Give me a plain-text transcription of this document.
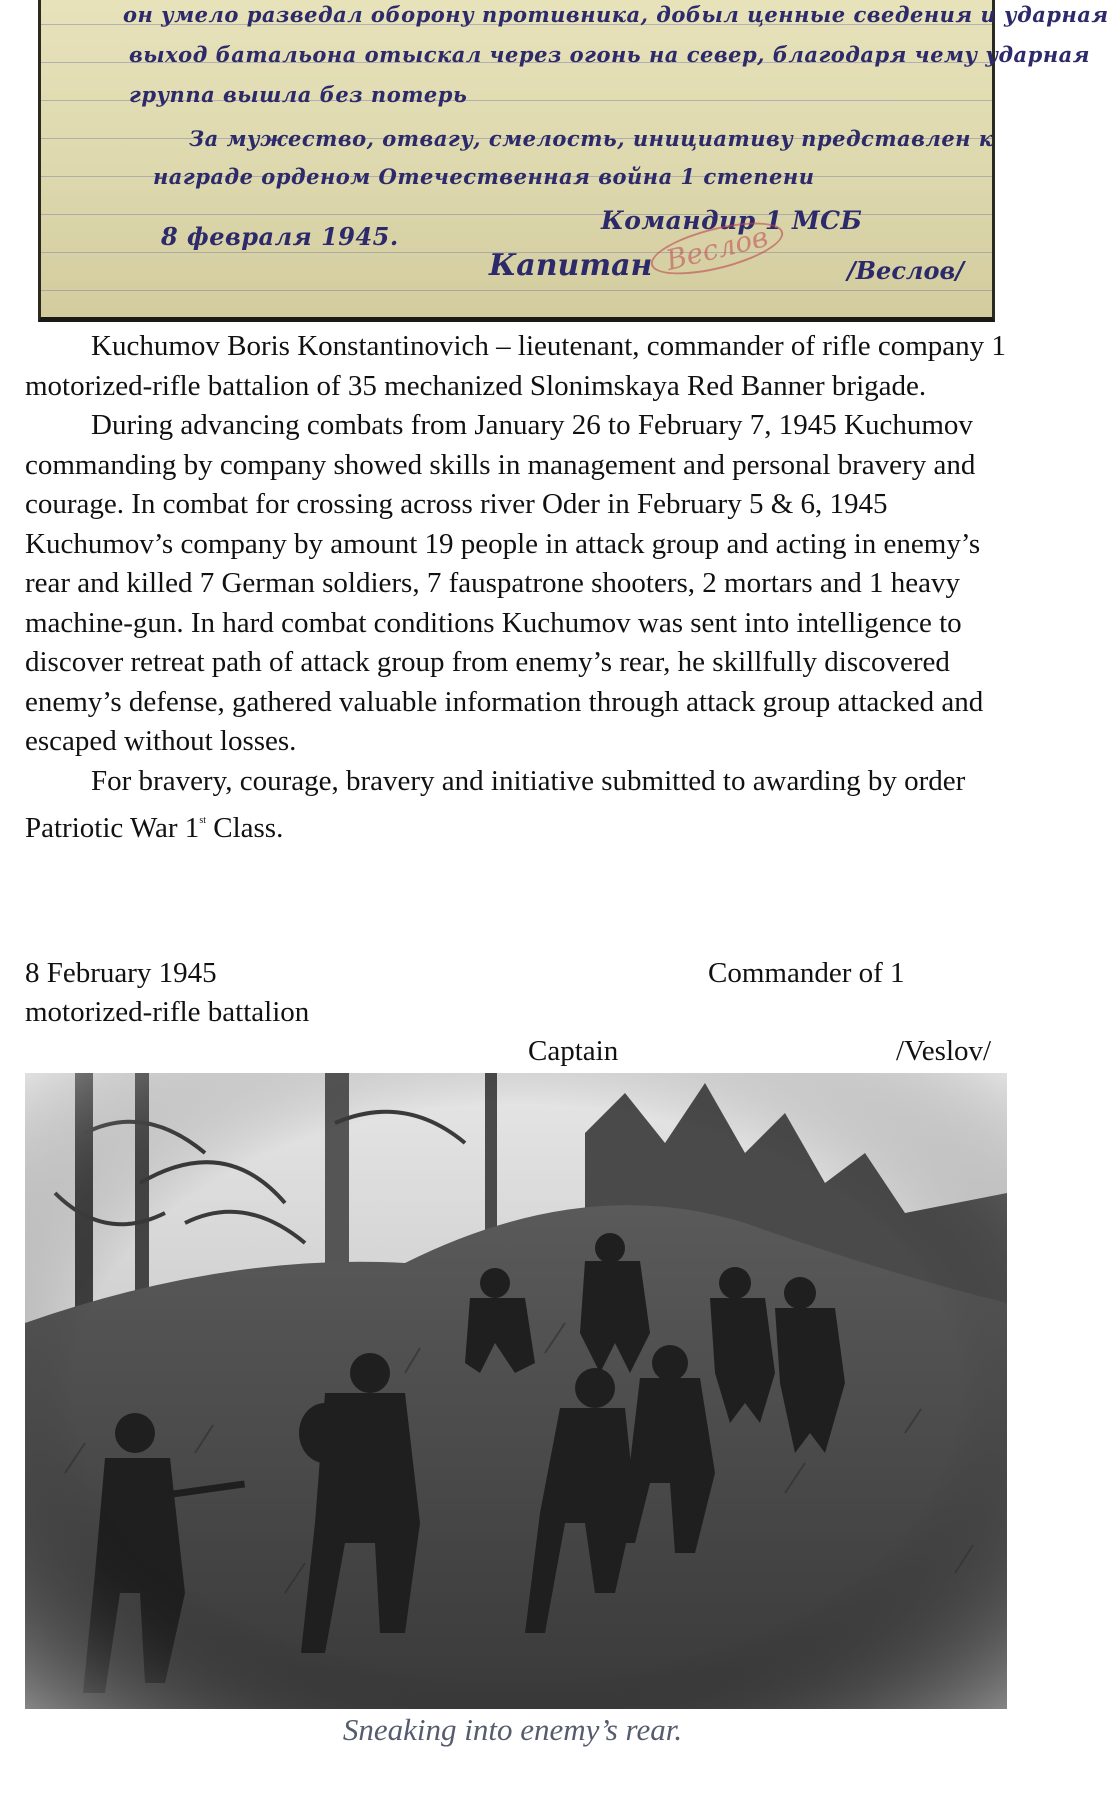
он умело разведал оборону противника, добыл ценные сведения и ударная
выход батальона отыскал через огонь на север, благодаря чему ударная
группа вышла без потерь
За мужество, отвагу, смелость, инициативу представлен к
награде орденом Отечественная война 1 степени
8 февраля 1945.
Командир 1 МСБ
Капитан Веслов	/Веслов/

Kuchumov Boris Konstantinovich – lieutenant, commander of rifle company 1 motorized-rifle battalion of 35 mechanized Slonimskaya Red Banner brigade.

During advancing combats from January 26 to February 7, 1945 Kuchumov commanding by company showed skills in management and personal bravery and courage. In combat for crossing across river Oder in February 5 & 6, 1945 Kuchumov’s company by amount 19 people in attack group and acting in enemy’s rear and killed 7 German soldiers, 7 fauspatrone shooters, 2 mortars and 1 heavy machine-gun. In hard combat conditions Kuchumov was sent into intelligence to discover retreat path of attack group from enemy’s rear, he skillfully discovered enemy’s defense, gathered valuable information through attack group attacked and escaped without losses.

For bravery, courage, bravery and initiative submitted to awarding by order Patriotic War 1st Class.

8 February 1945	Commander of 1
motorized-rifle battalion
Captain	/Veslov/
Sneaking into enemy’s rear.
